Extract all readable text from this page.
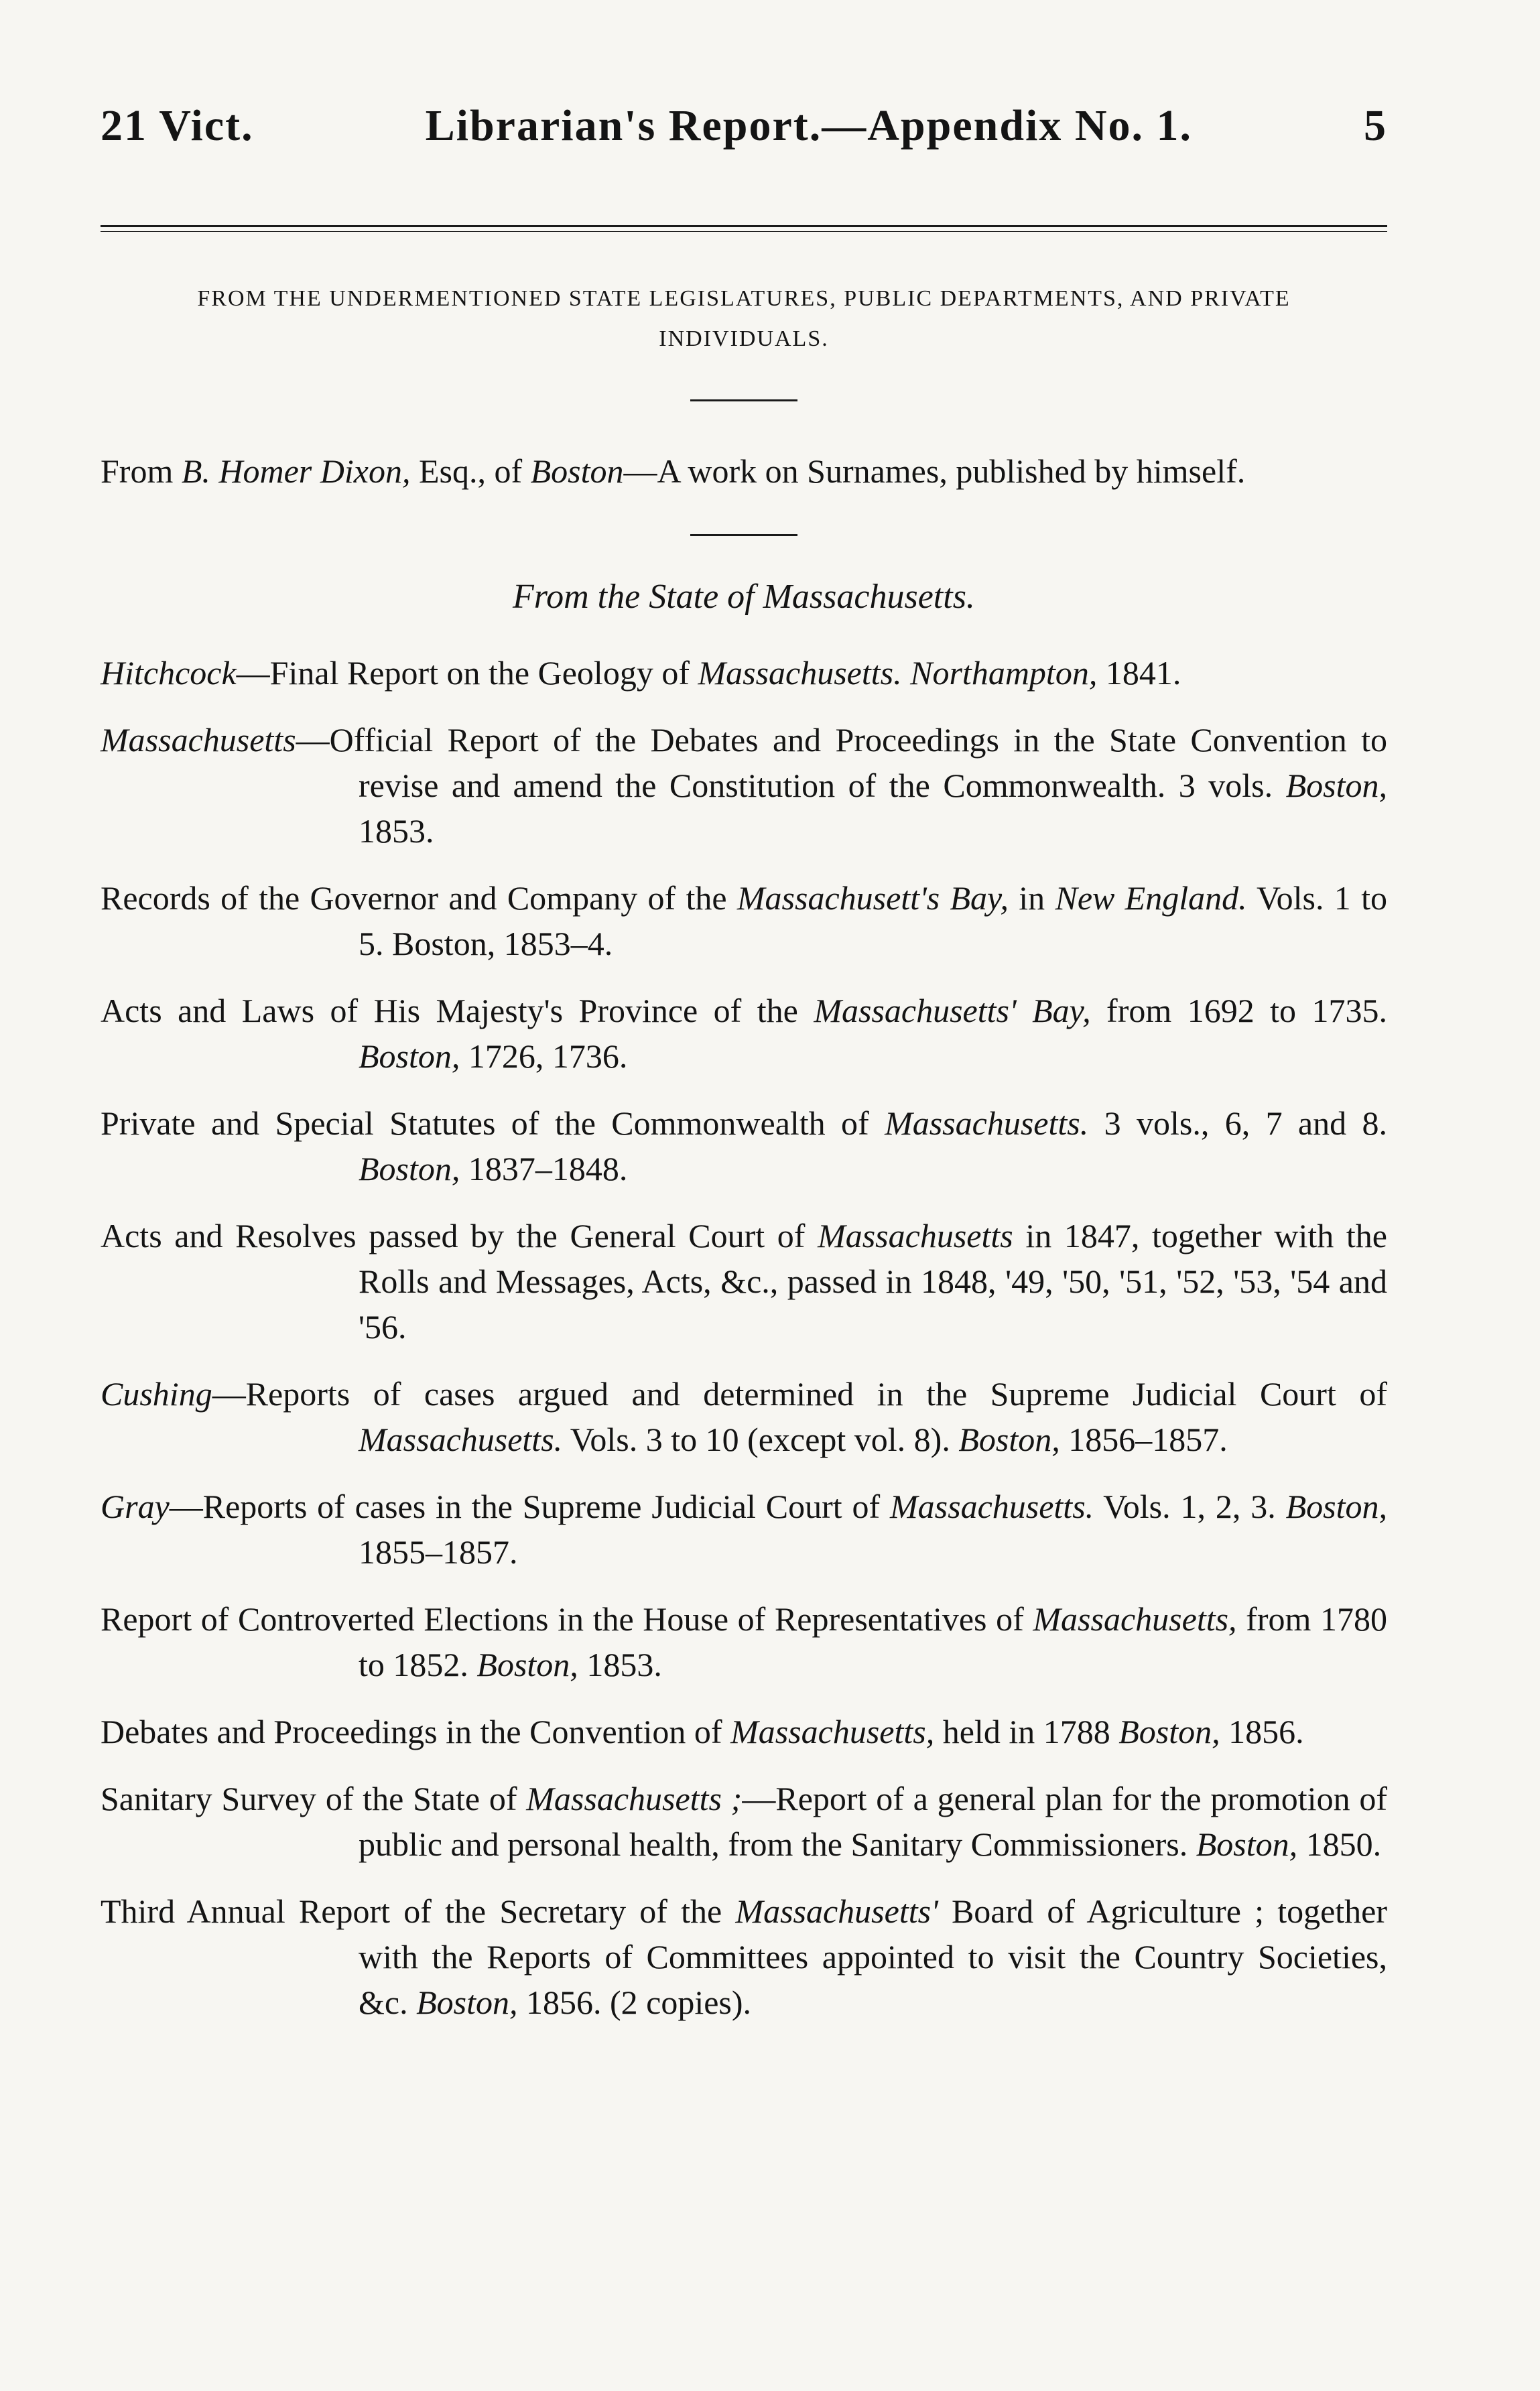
21 Vict.	Librarian's Report.—Appendix No. 1.	5
FROM THE UNDERMENTIONED STATE LEGISLATURES, PUBLIC DEPARTMENTS, AND PRIVATE
INDIVIDUALS.
From B. Homer Dixon, Esq., of Boston—A work on Surnames, published by himself.
From the State of Massachusetts.
Hitchcock—Final Report on the Geology of Massachusetts. Northampton, 1841.
Massachusetts—Official Report of the Debates and Proceedings in the State Convention to revise and amend the Constitution of the Commonwealth. 3 vols. Boston, 1853.
Records of the Governor and Company of the Massachusett's Bay, in New England. Vols. 1 to 5. Boston, 1853–4.
Acts and Laws of His Majesty's Province of the Massachusetts' Bay, from 1692 to 1735. Boston, 1726, 1736.
Private and Special Statutes of the Commonwealth of Massachusetts. 3 vols., 6, 7 and 8. Boston, 1837–1848.
Acts and Resolves passed by the General Court of Massachusetts in 1847, together with the Rolls and Messages, Acts, &c., passed in 1848, '49, '50, '51, '52, '53, '54 and '56.
Cushing—Reports of cases argued and determined in the Supreme Judicial Court of Massachusetts. Vols. 3 to 10 (except vol. 8). Boston, 1856–1857.
Gray—Reports of cases in the Supreme Judicial Court of Massachusetts. Vols. 1, 2, 3. Boston, 1855–1857.
Report of Controverted Elections in the House of Representatives of Massachusetts, from 1780 to 1852. Boston, 1853.
Debates and Proceedings in the Convention of Massachusetts, held in 1788 Boston, 1856.
Sanitary Survey of the State of Massachusetts ;—Report of a general plan for the promotion of public and personal health, from the Sanitary Commissioners. Boston, 1850.
Third Annual Report of the Secretary of the Massachusetts' Board of Agriculture ; together with the Reports of Committees appointed to visit the Country Societies, &c. Boston, 1856. (2 copies).
